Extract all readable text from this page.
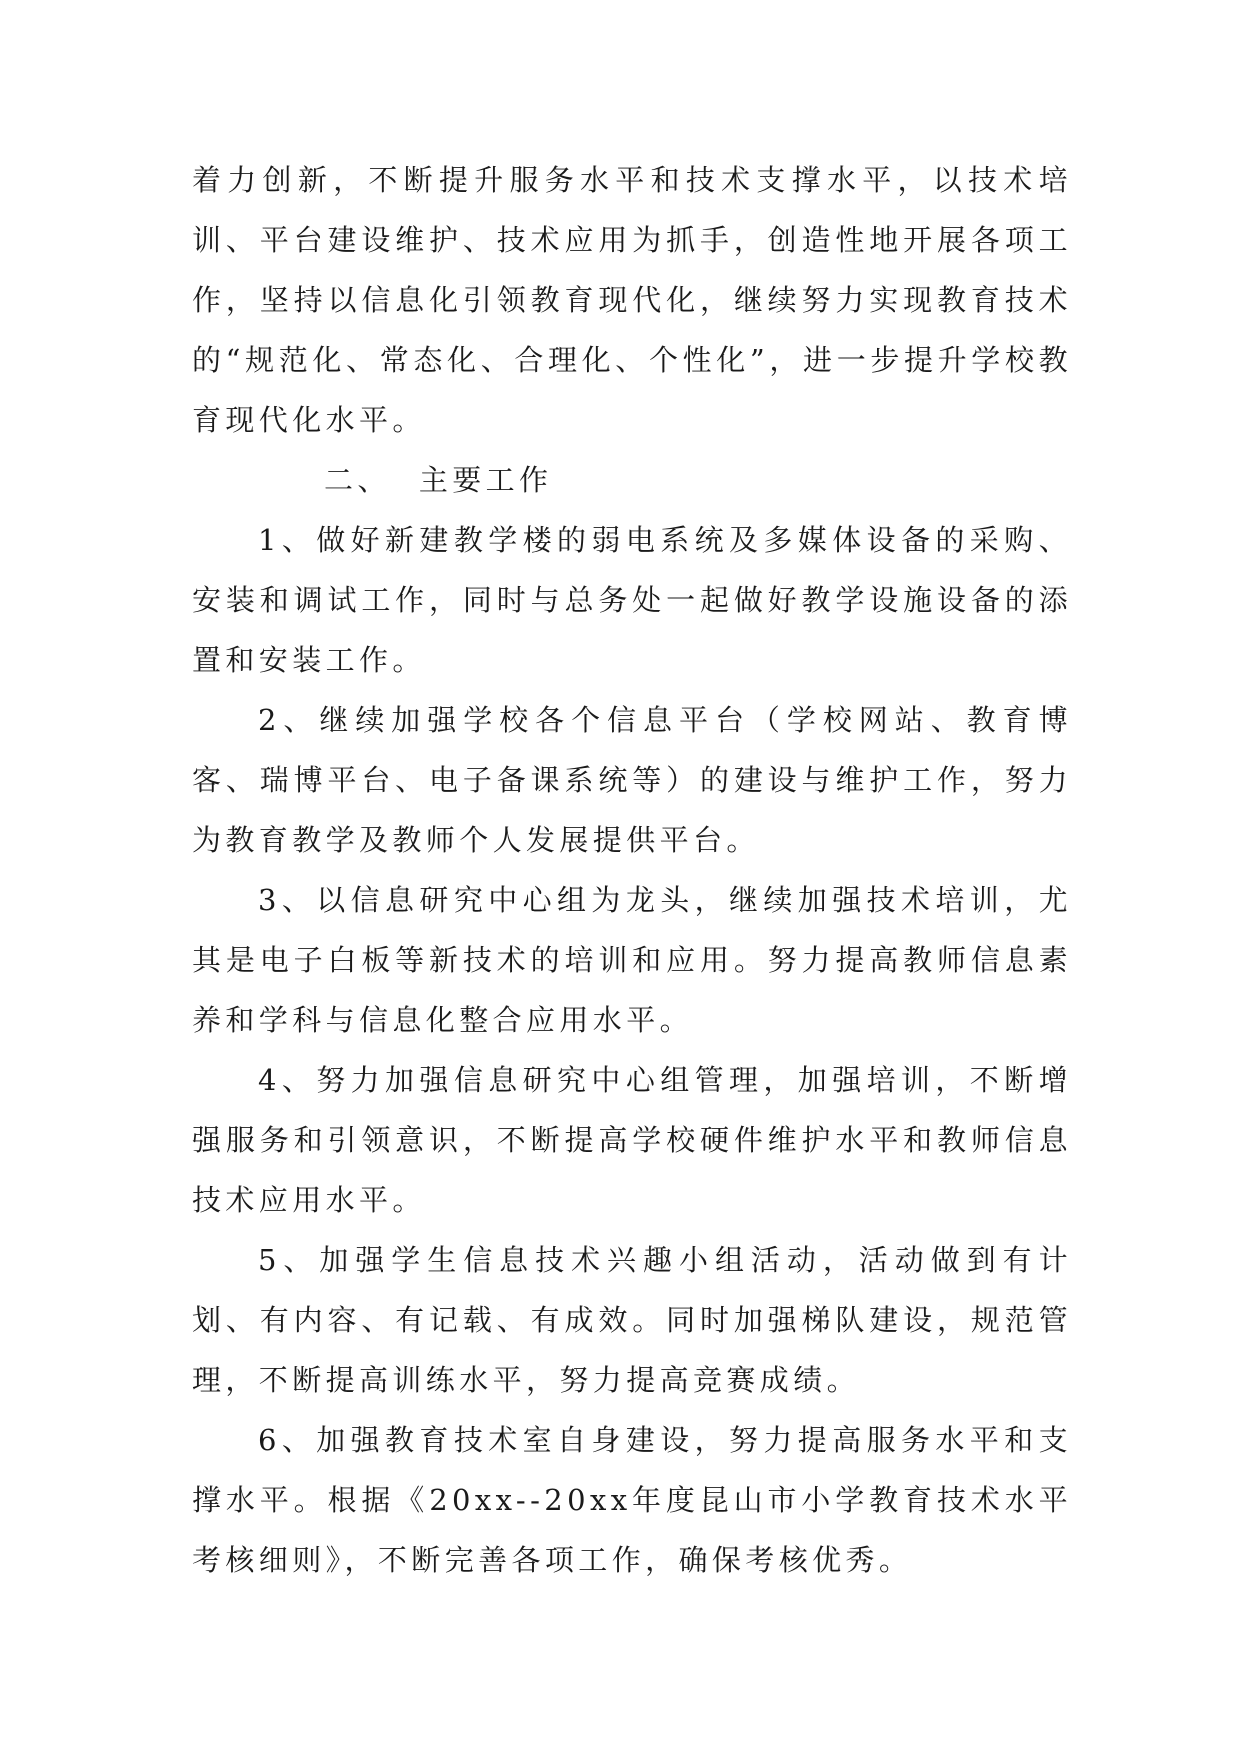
着力创新，不断提升服务水平和技术支撑水平，以技术培训、平台建设维护、技术应用为抓手，创造性地开展各项工作，坚持以信息化引领教育现代化，继续努力实现教育技术的“规范化、常态化、合理化、个性化”，进一步提升学校教育现代化水平。

二、 主要工作

1、做好新建教学楼的弱电系统及多媒体设备的采购、安装和调试工作，同时与总务处一起做好教学设施设备的添置和安装工作。

2、继续加强学校各个信息平台（学校网站、教育博客、瑞博平台、电子备课系统等）的建设与维护工作，努力为教育教学及教师个人发展提供平台。

3、以信息研究中心组为龙头，继续加强技术培训，尤其是电子白板等新技术的培训和应用。努力提高教师信息素养和学科与信息化整合应用水平。

4、努力加强信息研究中心组管理，加强培训，不断增强服务和引领意识，不断提高学校硬件维护水平和教师信息技术应用水平。

5、加强学生信息技术兴趣小组活动，活动做到有计划、有内容、有记载、有成效。同时加强梯队建设，规范管理，不断提高训练水平，努力提高竞赛成绩。

6、加强教育技术室自身建设，努力提高服务水平和支撑水平。根据《20xx--20xx年度昆山市小学教育技术水平考核细则》，不断完善各项工作，确保考核优秀。
